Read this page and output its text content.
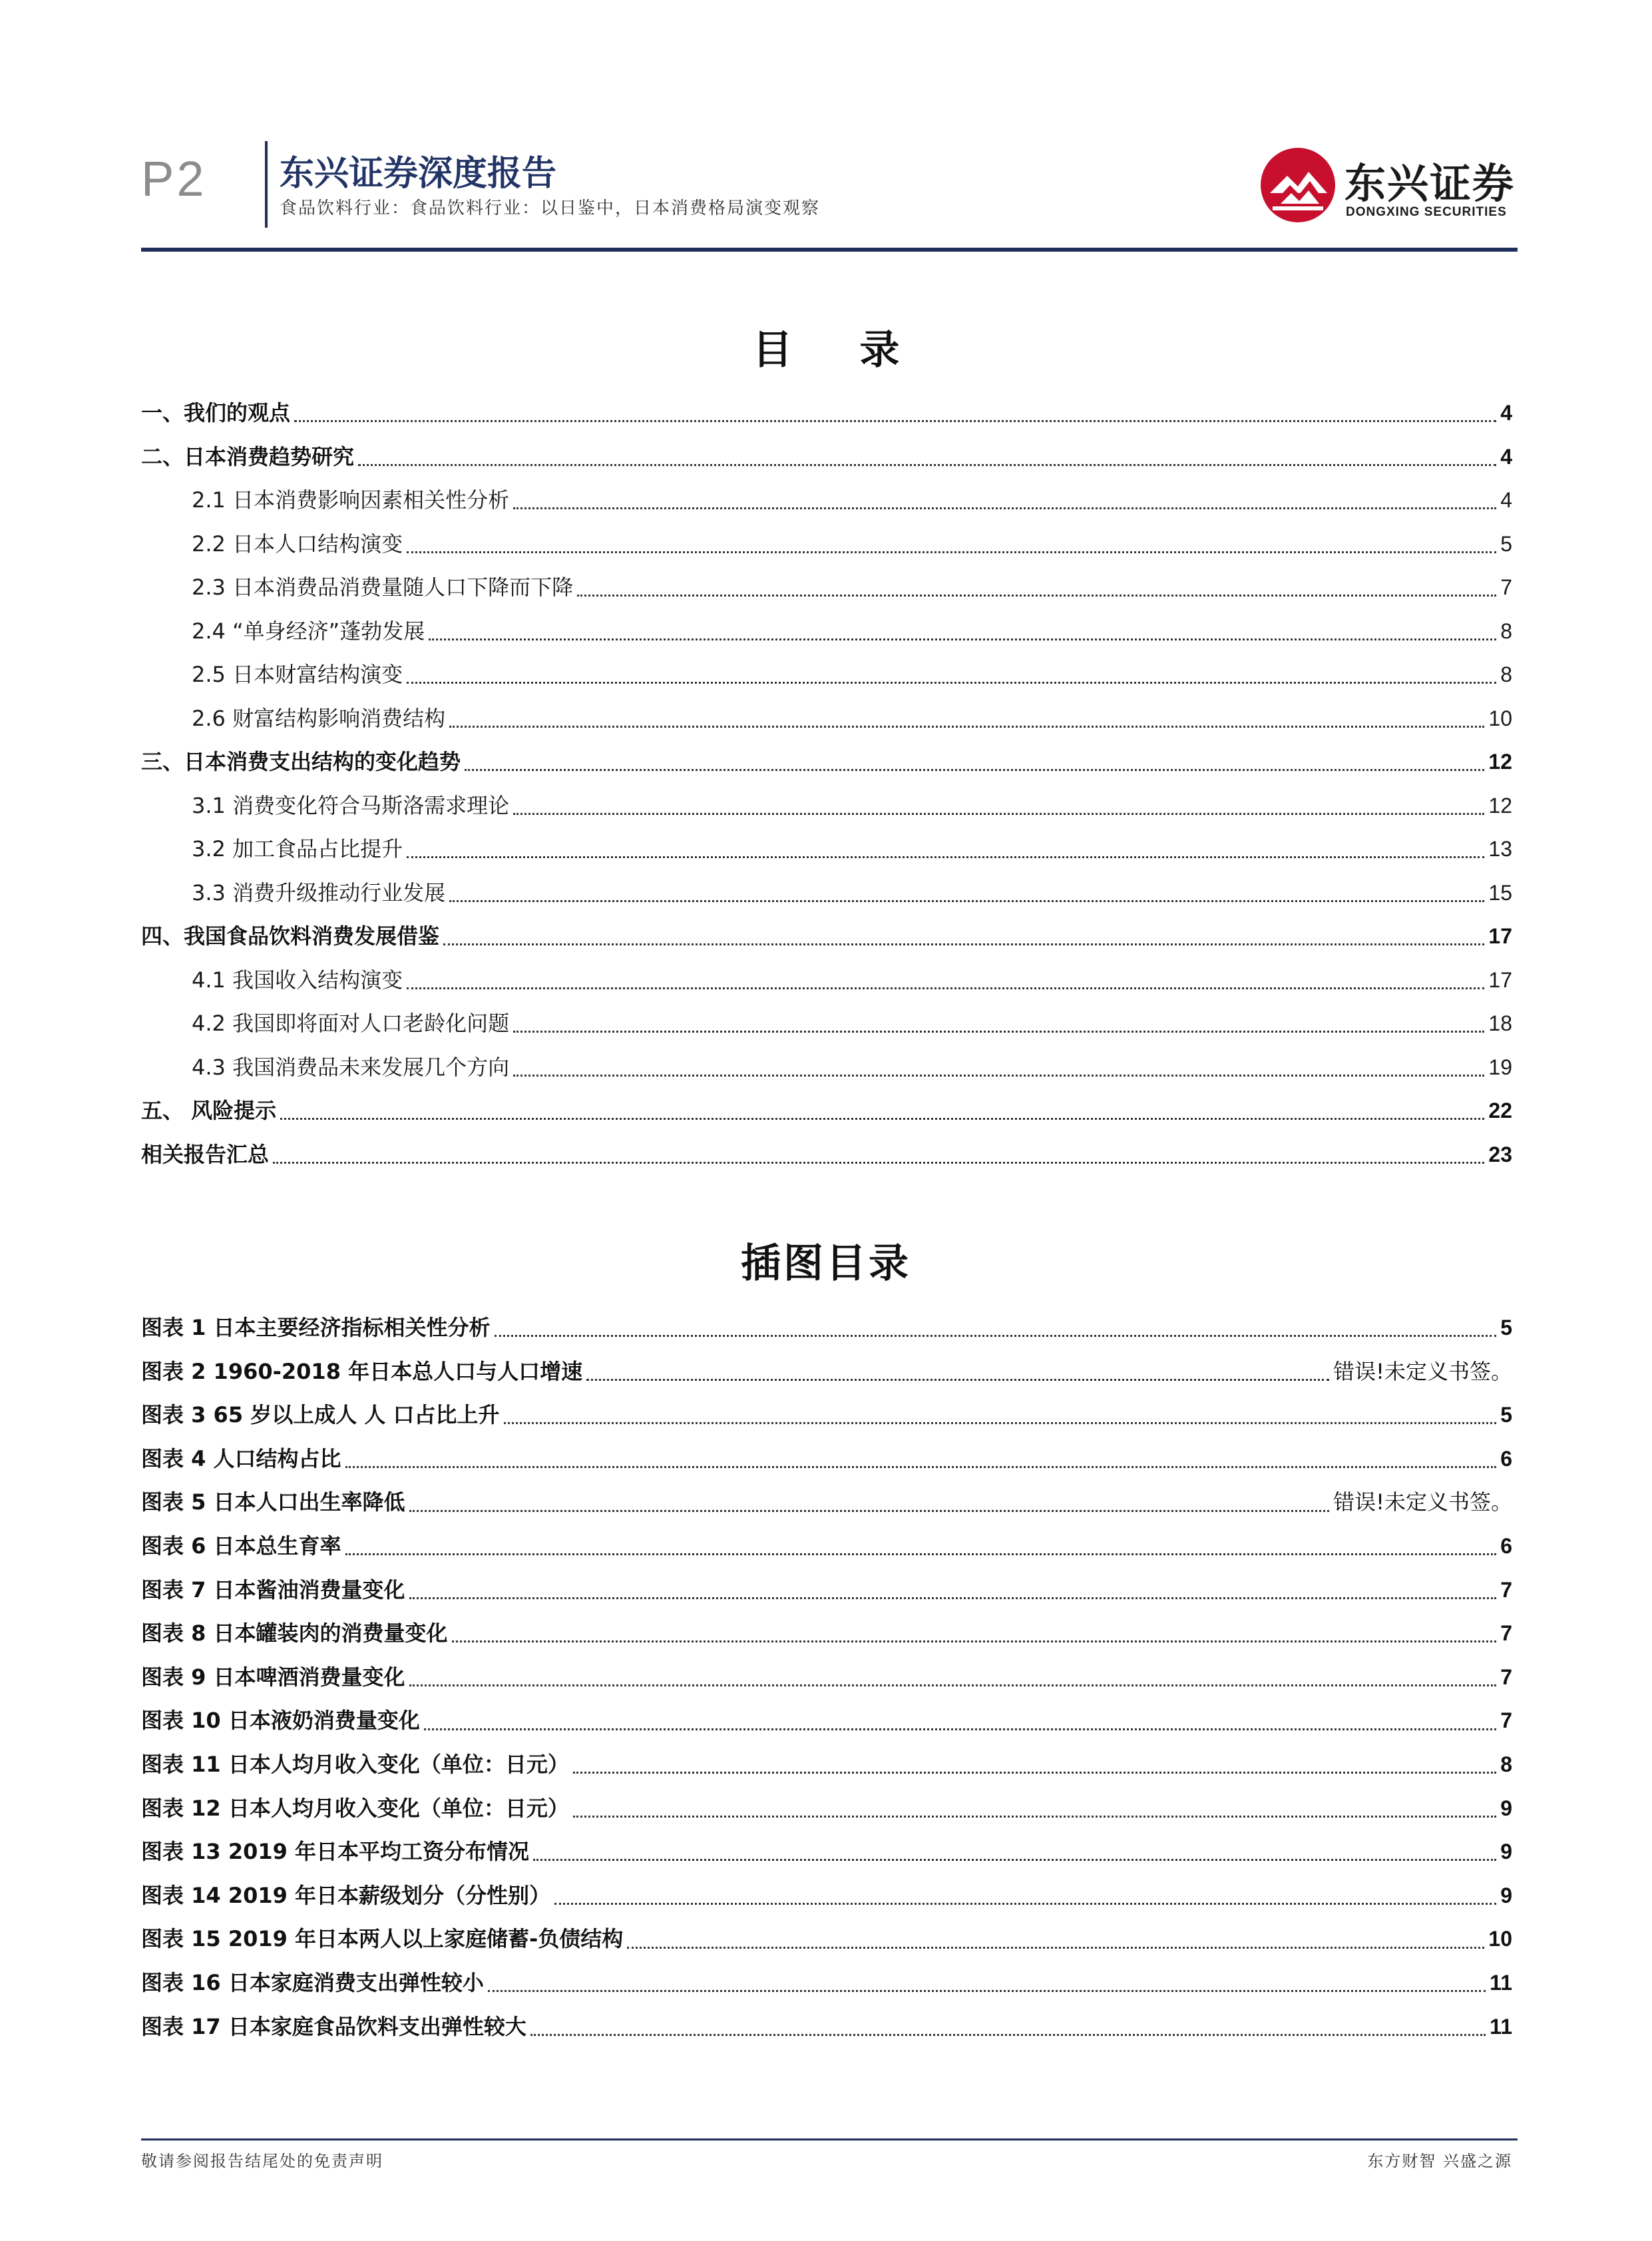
P2 东兴证券深度报告
食品饮料行业：食品饮料行业：以日鉴中，日本消费格局演变观察
东兴证券
DONGXING SECURITIES
目 录
一、我们的观点	4
二、日本消费趋势研究	4
2.1 日本消费影响因素相关性分析	4
2.2 日本人口结构演变	5
2.3 日本消费品消费量随人口下降而下降	7
2.4 “单身经济”蓬勃发展	8
2.5 日本财富结构演变	8
2.6 财富结构影响消费结构	10
三、日本消费支出结构的变化趋势	12
3.1 消费变化符合马斯洛需求理论	12
3.2 加工食品占比提升	13
3.3 消费升级推动行业发展	15
四、我国食品饮料消费发展借鉴	17
4.1 我国收入结构演变	17
4.2 我国即将面对人口老龄化问题	18
4.3 我国消费品未来发展几个方向	19
五、 风险提示	22
相关报告汇总	23
插图目录
图表 1 日本主要经济指标相关性分析	5
图表 2 1960-2018 年日本总人口与人口增速	错误!未定义书签。
图表 3 65 岁以上成人 人 口占比上升	5
图表 4 人口结构占比	6
图表 5 日本人口出生率降低	错误!未定义书签。
图表 6 日本总生育率	6
图表 7 日本酱油消费量变化	7
图表 8 日本罐装肉的消费量变化	7
图表 9 日本啤酒消费量变化	7
图表 10 日本液奶消费量变化	7
图表 11 日本人均月收入变化（单位：日元）	8
图表 12 日本人均月收入变化（单位：日元）	9
图表 13 2019 年日本平均工资分布情况	9
图表 14 2019 年日本薪级划分（分性别）	9
图表 15 2019 年日本两人以上家庭储蓄-负债结构	10
图表 16 日本家庭消费支出弹性较小	11
图表 17 日本家庭食品饮料支出弹性较大	11
敬请参阅报告结尾处的免责声明	东方财智 兴盛之源
